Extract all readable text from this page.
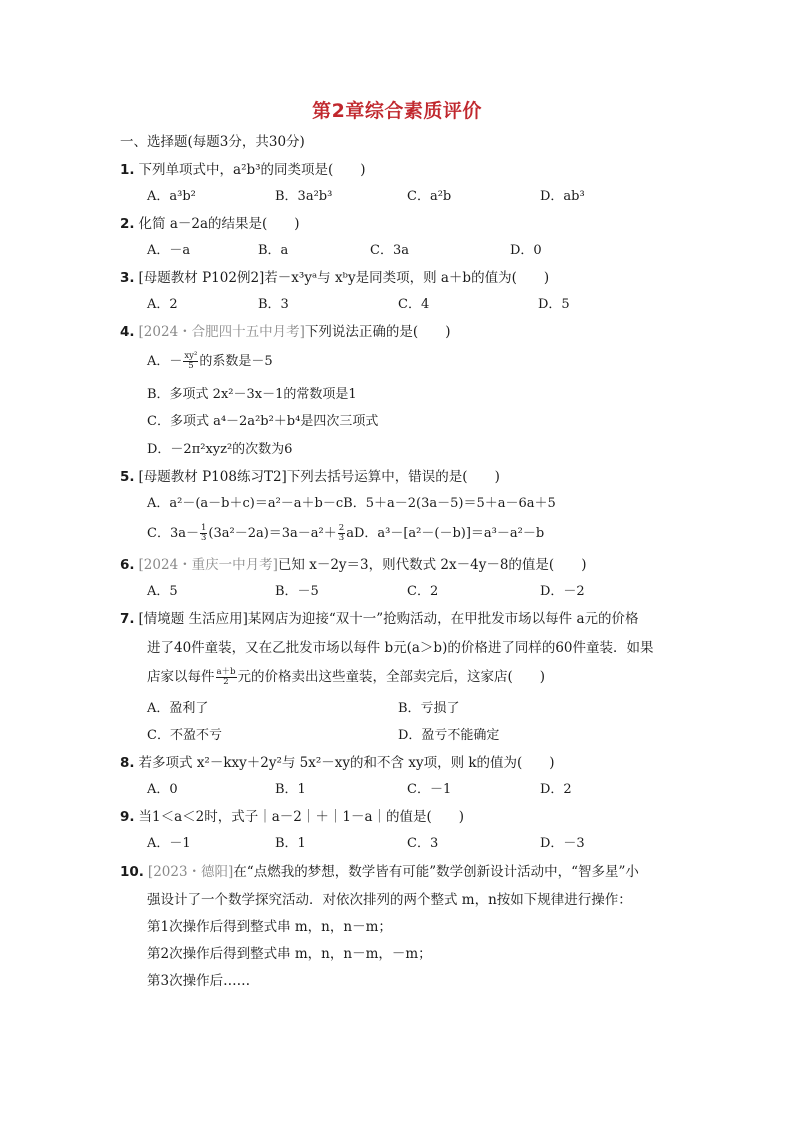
第2章综合素质评价
一、选择题(每题3分，共30分)
1. 下列单项式中，a²b³的同类项是(　　)
A．a³b²	B．3a²b³	C．a²b	D．ab³
2. 化简 a－2a的结果是(　　)
A．－a	B．a	C．3a	D．0
3. [母题教材 P102例2]若－x³yᵃ与 xᵇy是同类项，则 a＋b的值为(　　)
A．2	B．3	C．4	D．5
4. [2024・合肥四十五中月考]下列说法正确的是(　　)
A．－ $\frac{\text{xy²}}{5}$ 的系数是－5
B．多项式 2x²－3x－1的常数项是1
C．多项式 a⁴－2a²b²＋b⁴是四次三项式
D．－2π²xyz²的次数为6
5. [母题教材 P108练习T2]下列去括号运算中，错误的是(　　)
A．a²－(a－b＋c)＝a²－a＋b－cB．5＋a－2(3a－5)＝5＋a－6a＋5
C．$3a- \frac{1}{3} (3a^2-2a)=3a-a^2+ \frac{2}{3}$ aD．a³－[a²－(－b)]＝a³－a²－b
6. [2024・重庆一中月考]已知 x－2y＝3，则代数式 2x－4y－8的值是(　　)
A．5	B．－5	C．2	D．－2
7. [情境题 生活应用]某网店为迎接“双十一”抢购活动，在甲批发市场以每件 a元的价格
进了40件童装，又在乙批发市场以每件 b元(a＞b)的价格进了同样的60件童装．如果
店家以每件 $\frac{a+b}{2}$ 元的价格卖出这些童装，全部卖完后，这家店(　　)
A．盈利了	B．亏损了
C．不盈不亏	D．盈亏不能确定
8. 若多项式 x²－kxy＋2y²与 5x²－xy的和不含 xy项，则 k的值为(　　)
A．0	B．1	C．－1	D．2
9. 当1＜a＜2时，式子｜a－2｜＋｜1－a｜的值是(　　)
A．－1	B．1	C．3	D．－3
10. [2023・德阳]在“点燃我的梦想，数学皆有可能”数学创新设计活动中，“智多星”小
强设计了一个数学探究活动．对依次排列的两个整式 m，n按如下规律进行操作：
第1次操作后得到整式串 m，n，n－m；
第2次操作后得到整式串 m，n，n－m，－m；
第3次操作后……
